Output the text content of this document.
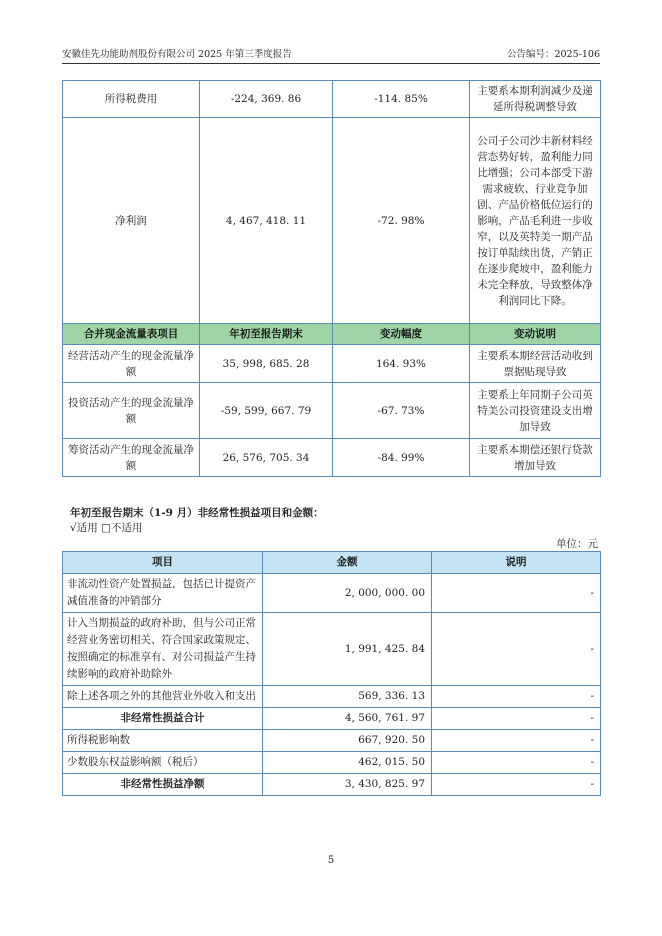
安徽佳先功能助剂股份有限公司 2025 年第三季度报告	公告编号：2025-106
所得税费用	-224, 369. 86	-114. 85%	主要系本期利润减少及递延所得税调整导致
净利润	4, 467, 418. 11	-72. 98%	公司子公司沙丰新材料经营态势好转，盈利能力同比增强；公司本部受下游需求疲软、行业竞争加剧、产品价格低位运行的影响，产品毛利进一步收窄，以及英特美一期产品按订单陆续出货，产销正在逐步爬坡中，盈利能力未完全释放，导致整体净利润同比下降。
合并现金流量表项目	年初至报告期末	变动幅度	变动说明
经营活动产生的现金流量净额	35, 998, 685. 28	164. 93%	主要系本期经营活动收到票据贴现导致
投资活动产生的现金流量净额	-59, 599, 667. 79	-67. 73%	主要系上年同期子公司英特美公司投资建设支出增加导致
筹资活动产生的现金流量净额	26, 576, 705. 34	-84. 99%	主要系本期偿还银行贷款增加导致
年初至报告期末（1-9 月）非经常性损益项目和金额：
√适用 □不适用
单位：元
项目	金额	说明
非流动性资产处置损益，包括已计提资产减值准备的冲销部分	2, 000, 000. 00	-
计入当期损益的政府补助，但与公司正常经营业务密切相关、符合国家政策规定、按照确定的标准享有、对公司损益产生持续影响的政府补助除外	1, 991, 425. 84	-
除上述各项之外的其他营业外收入和支出	569, 336. 13	-
非经常性损益合计	4, 560, 761. 97	-
所得税影响数	667, 920. 50	-
少数股东权益影响额（税后）	462, 015. 50	-
非经常性损益净额	3, 430, 825. 97	-
5
